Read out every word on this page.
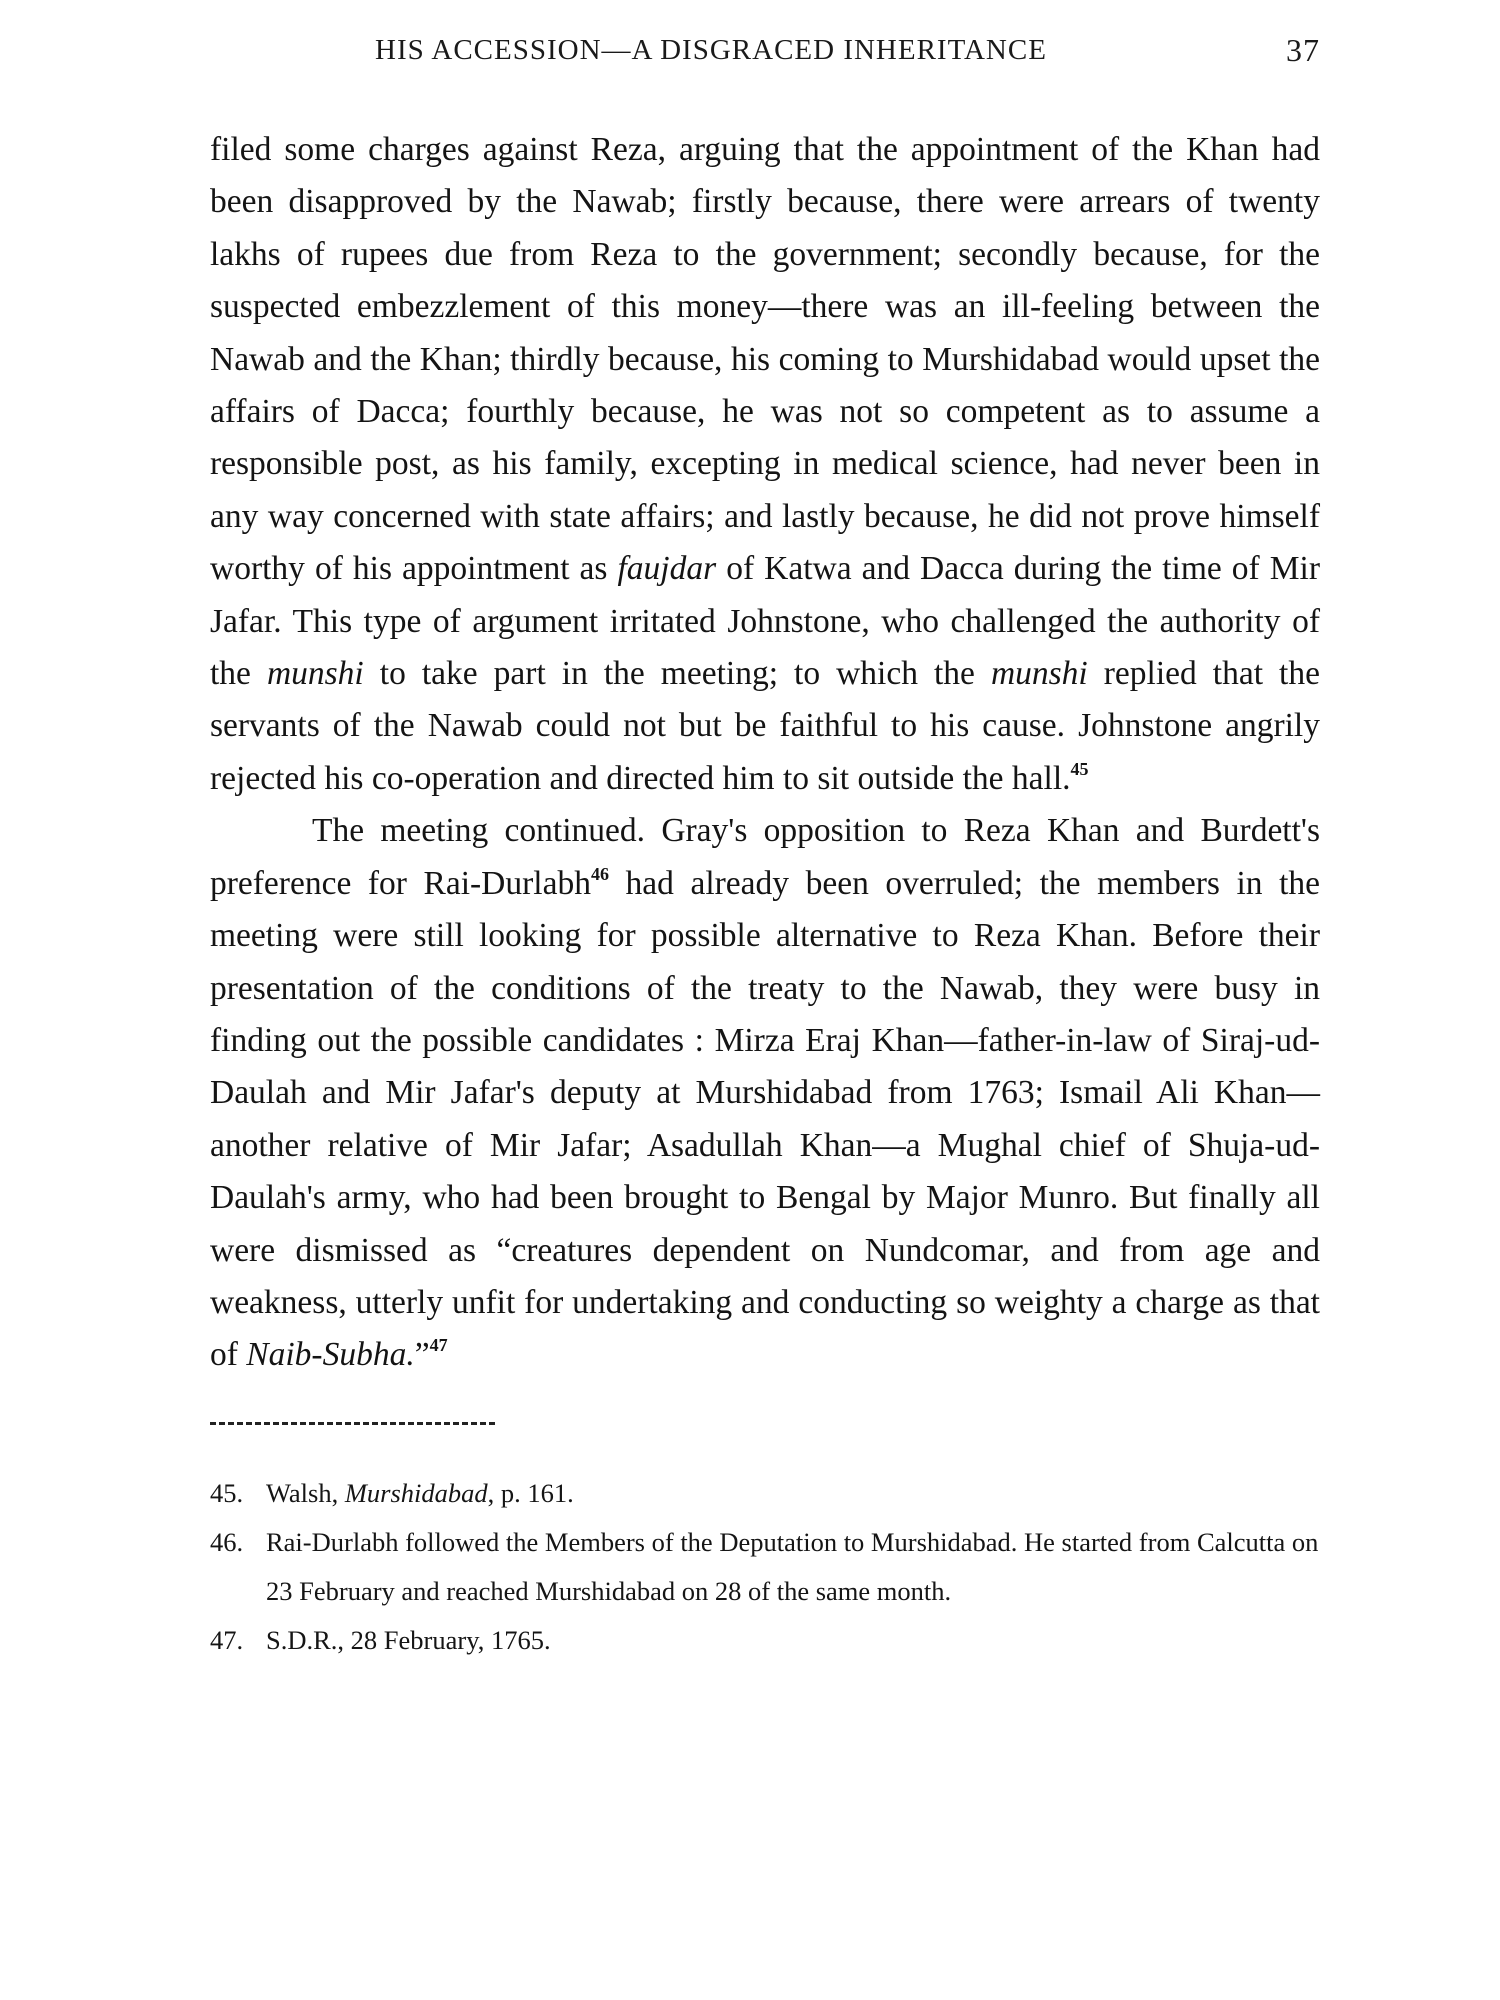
HIS ACCESSION—A DISGRACED INHERITANCE	37

filed some charges against Reza, arguing that the appointment of the Khan had been disapproved by the Nawab; firstly because, there were arrears of twenty lakhs of rupees due from Reza to the government; secondly because, for the suspected embezzlement of this money—there was an ill-feeling between the Nawab and the Khan; thirdly because, his coming to Murshidabad would upset the affairs of Dacca; fourthly because, he was not so competent as to assume a responsible post, as his family, excepting in medical science, had never been in any way concerned with state affairs; and lastly because, he did not prove himself worthy of his appointment as faujdar of Katwa and Dacca during the time of Mir Jafar. This type of argument irritated Johnstone, who challenged the authority of the munshi to take part in the meeting; to which the munshi replied that the servants of the Nawab could not but be faithful to his cause. Johnstone angrily rejected his co-operation and directed him to sit outside the hall.$^{45}$

The meeting continued. Gray's opposition to Reza Khan and Burdett's preference for Rai-Durlabh$^{46}$ had already been overruled; the members in the meeting were still looking for possible alternative to Reza Khan. Before their presentation of the conditions of the treaty to the Nawab, they were busy in finding out the possible candidates : Mirza Eraj Khan—father-in-law of Siraj-ud-Daulah and Mir Jafar's deputy at Murshidabad from 1763; Ismail Ali Khan—another relative of Mir Jafar; Asadullah Khan—a Mughal chief of Shuja-ud-Daulah's army, who had been brought to Bengal by Major Munro. But finally all were dismissed as “creatures dependent on Nundcomar, and from age and weakness, utterly unfit for undertaking and conducting so weighty a charge as that of Naib-Subha.”$^{47}$

45. Walsh, Murshidabad, p. 161.
46. Rai-Durlabh followed the Members of the Deputation to Murshidabad. He started from Calcutta on 23 February and reached Murshidabad on 28 of the same month.
47. S.D.R., 28 February, 1765.
